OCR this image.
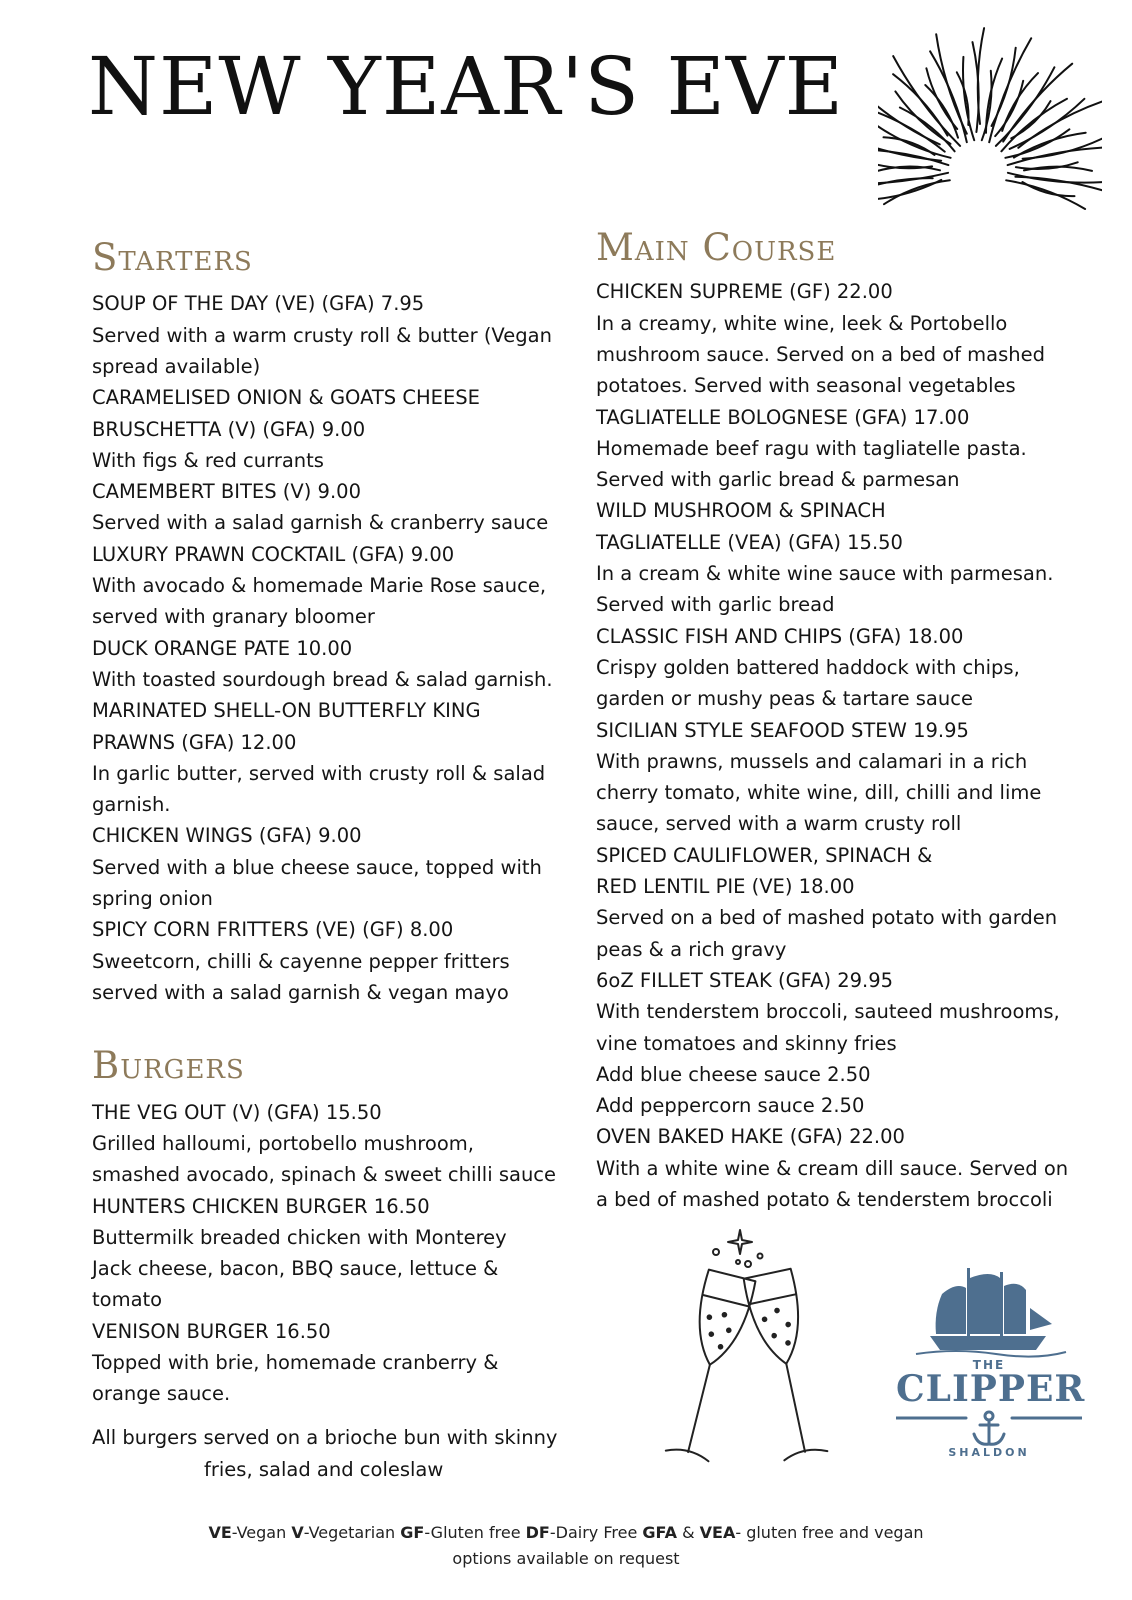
NEW YEAR'S EVE
Starters
SOUP OF THE DAY (VE) (GFA) 7.95
Served with a warm crusty roll & butter (Vegan
spread available)
CARAMELISED ONION & GOATS CHEESE
BRUSCHETTA (V) (GFA) 9.00
With figs & red currants
CAMEMBERT BITES (V) 9.00
Served with a salad garnish & cranberry sauce
LUXURY PRAWN COCKTAIL (GFA) 9.00
With avocado & homemade Marie Rose sauce,
served with granary bloomer
DUCK ORANGE PATE 10.00
With toasted sourdough bread & salad garnish.
MARINATED SHELL-ON BUTTERFLY KING
PRAWNS (GFA) 12.00
In garlic butter, served with crusty roll & salad
garnish.
CHICKEN WINGS (GFA) 9.00
Served with a blue cheese sauce, topped with
spring onion
SPICY CORN FRITTERS (VE) (GF) 8.00
Sweetcorn, chilli & cayenne pepper fritters
served with a salad garnish & vegan mayo
Burgers
THE VEG OUT (V) (GFA) 15.50
Grilled halloumi, portobello mushroom,
smashed avocado, spinach & sweet chilli sauce
HUNTERS CHICKEN BURGER 16.50
Buttermilk breaded chicken with Monterey
Jack cheese, bacon, BBQ sauce, lettuce &
tomato
VENISON BURGER 16.50
Topped with brie, homemade cranberry &
orange sauce.
All burgers served on a brioche bun with skinny
fries, salad and coleslaw
Main Course
CHICKEN SUPREME (GF) 22.00
In a creamy, white wine, leek & Portobello
mushroom sauce. Served on a bed of mashed
potatoes. Served with seasonal vegetables
TAGLIATELLE BOLOGNESE (GFA) 17.00
Homemade beef ragu with tagliatelle pasta.
Served with garlic bread & parmesan
WILD MUSHROOM & SPINACH
TAGLIATELLE (VEA) (GFA) 15.50
In a cream & white wine sauce with parmesan.
Served with garlic bread
CLASSIC FISH AND CHIPS (GFA) 18.00
Crispy golden battered haddock with chips,
garden or mushy peas & tartare sauce
SICILIAN STYLE SEAFOOD STEW 19.95
With prawns, mussels and calamari in a rich
cherry tomato, white wine, dill, chilli and lime
sauce, served with a warm crusty roll
SPICED CAULIFLOWER, SPINACH &
RED LENTIL PIE (VE) 18.00
Served on a bed of mashed potato with garden
peas & a rich gravy
6oZ FILLET STEAK (GFA) 29.95
With tenderstem broccoli, sauteed mushrooms,
vine tomatoes and skinny fries
Add blue cheese sauce 2.50
Add peppercorn sauce 2.50
OVEN BAKED HAKE (GFA) 22.00
With a white wine & cream dill sauce. Served on
a bed of mashed potato & tenderstem broccoli
THE
CLIPPER
SHALDON
VE-Vegan V-Vegetarian GF-Gluten free DF-Dairy Free GFA & VEA- gluten free and vegan
options available on request
